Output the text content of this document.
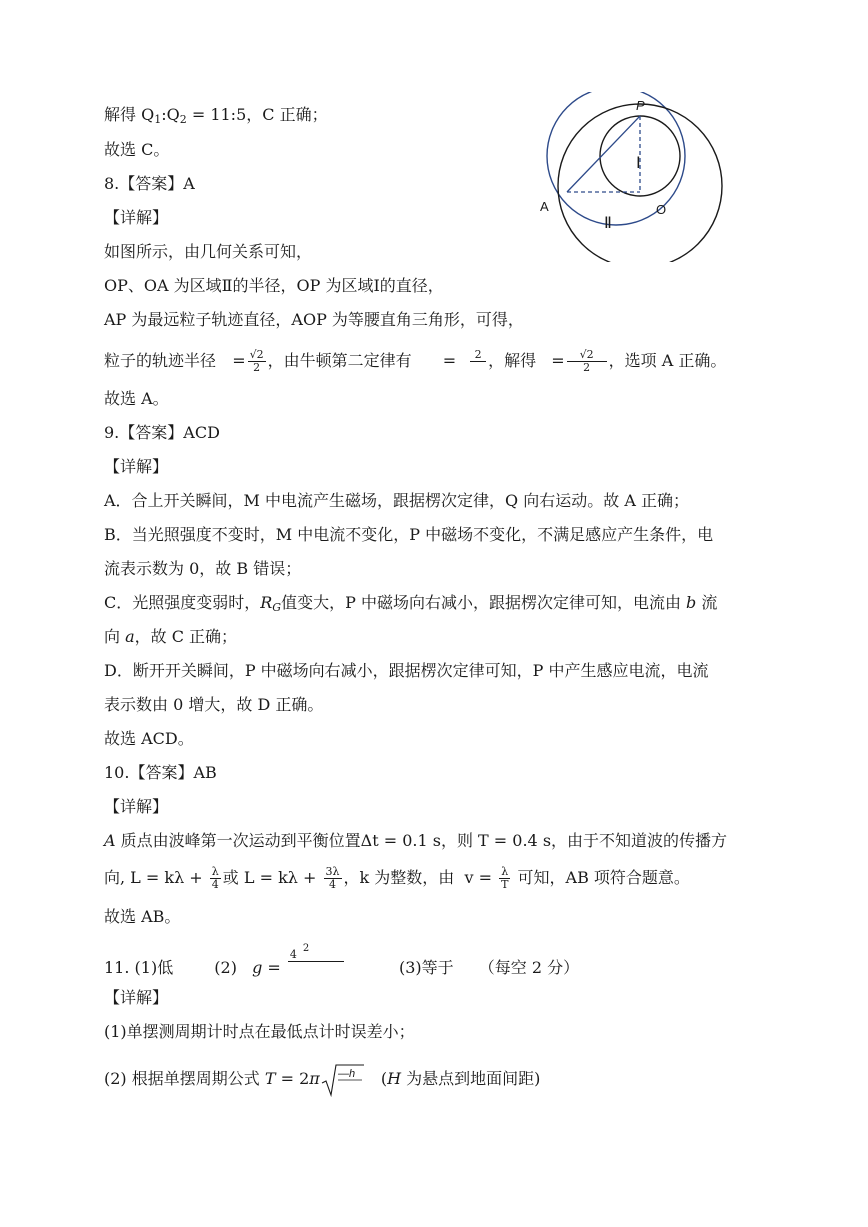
解得 $Q_1:Q_2$ = 11:5，C 正确；
故选 C。
8.【答案】A
【详解】
如图所示，由几何关系可知，
OP、OA 为区域Ⅱ的半径，OP 为区域Ⅰ的直径，
AP 为最远粒子轨迹直径，AOP 为等腰直角三角形，可得，
粒子的轨迹半径  = $\frac{√2}{2}$ ，由牛顿第二定律有 =	2
，解得 = $\frac{√2}{2}$ ，选项 A 正确。
故选 A。
9.【答案】ACD
【详解】
A．合上开关瞬间，M 中电流产生磁场，跟据楞次定律，Q 向右运动。故 A 正确；
B．当光照强度不变时，M 中电流不变化，P 中磁场不变化，不满足感应产生条件，电
流表示数为 0，故 B 错误；
C．光照强度变弱时，$R_G$值变大，P 中磁场向右减小，跟据楞次定律可知，电流由 b 流
向 a，故 C 正确；
D．断开开关瞬间，P 中磁场向右减小，跟据楞次定律可知，P 中产生感应电流，电流
表示数由 0 增大，故 D 正确。
故选 ACD。
10.【答案】AB
【详解】
A 质点由波峰第一次运动到平衡位置Δt = 0.1 s，则 T = 0.4 s，由于不知道波的传播方
向, $L = k\lambda + \frac{\lambda}{4}$ 或 $L = k\lambda + \frac{3\lambda}{4}$ ，k 为整数，由  $v = \frac{\lambda}{T}$ 可知，AB 项符合题意。
故选 AB。
11. (1)低	(2) g =
4 2

(3)等于 （每空 2 分）
【详解】
(1)单摆测周期计时点在最低点计时误差小；
(2) 根据单摆周期公式 T = 2π —h (H 为悬点到地面间距)
P
A	O
Ⅰ
Ⅱ
